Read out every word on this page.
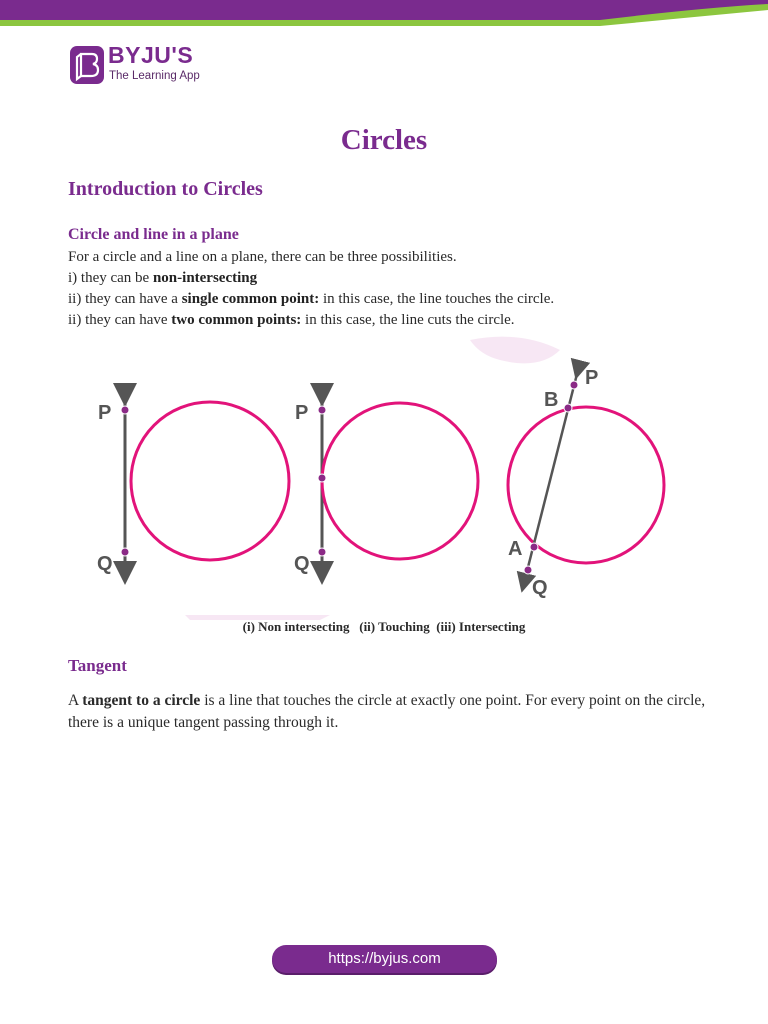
BYJU'S
The Learning App
Circles
Introduction to Circles
Circle and line in a plane
For a circle and a line on a plane, there can be three possibilities.
i) they can be non-intersecting
ii) they can have a single common point: in this case, the line touches the circle.
ii) they can have two common points: in this case, the line cuts the circle.
P
Q
P
Q
P
B
A
Q
(i) Non intersecting   (ii) Touching  (iii) Intersecting
Tangent
A tangent to a circle is a line that touches the circle at exactly one point. For every point on the circle, there is a unique tangent passing through it.
https://byjus.com
